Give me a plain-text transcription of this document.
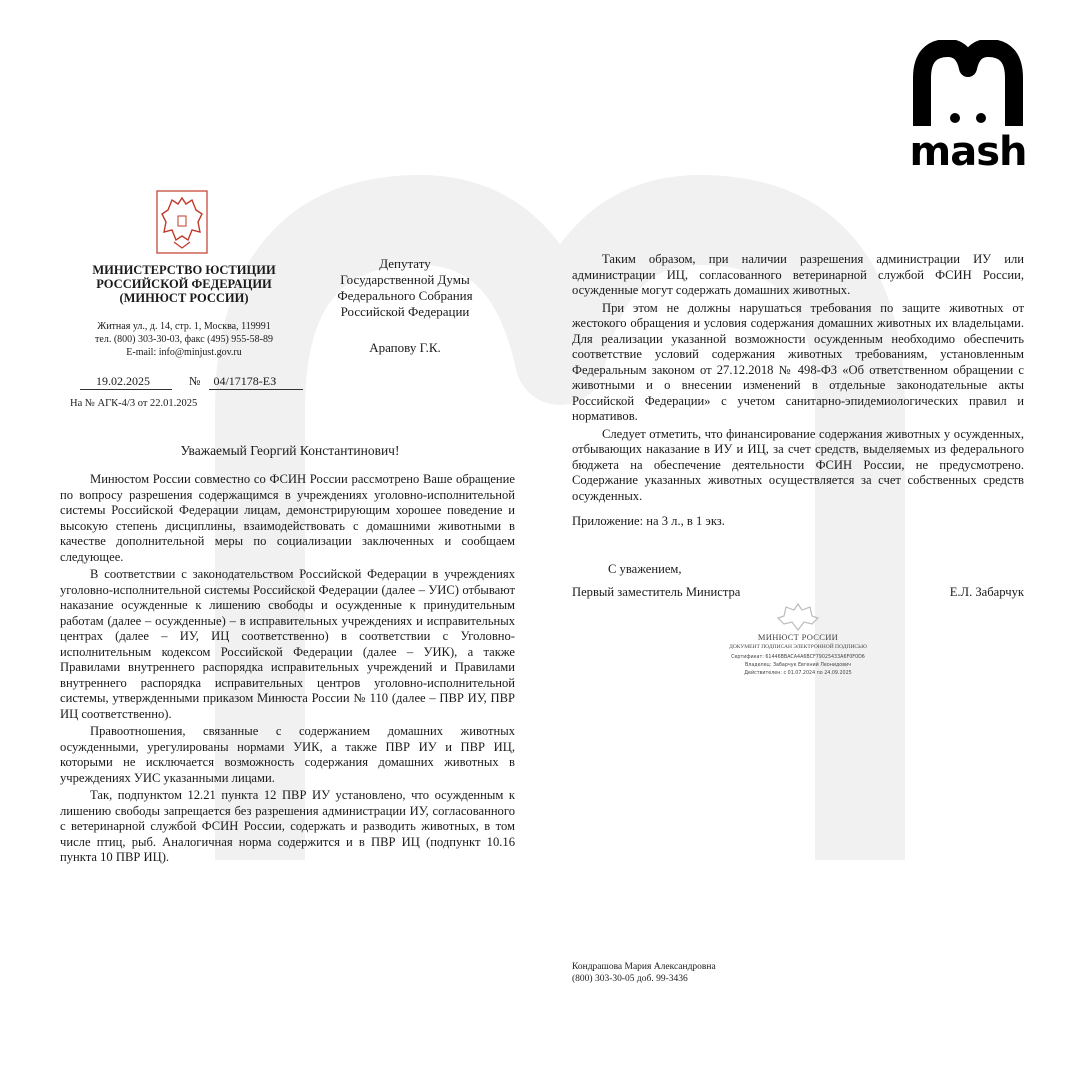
mash
МИНИСТЕРСТВО ЮСТИЦИИ
РОССИЙСКОЙ ФЕДЕРАЦИИ
(МИНЮСТ РОССИИ)
Житная ул., д. 14, стр. 1, Москва, 119991
тел. (800) 303-30-03, факс (495) 955-58-89
E-mail: info@minjust.gov.ru
19.02.2025	№ 04/17178-ЕЗ
На № АГК-4/3 от 22.01.2025
Депутату
Государственной Думы
Федерального Собрания
Российской Федерации
Арапову Г.К.
Уважаемый Георгий Константинович!

Минюстом России совместно со ФСИН России рассмотрено Ваше обращение по вопросу разрешения содержащимся в учреждениях уголовно-исполнительной системы Российской Федерации лицам, демонстрирующим хорошее поведение и высокую степень дисциплины, взаимодействовать с домашними животными в качестве дополнительной меры по социализации заключенных и сообщаем следующее.

В соответствии с законодательством Российской Федерации в учреждениях уголовно-исполнительной системы Российской Федерации (далее – УИС) отбывают наказание осужденные к лишению свободы и осужденные к принудительным работам (далее – осужденные) – в исправительных учреждениях и исправительных центрах (далее – ИУ, ИЦ соответственно) в соответствии с Уголовно-исполнительным кодексом Российской Федерации (далее – УИК), а также Правилами внутреннего распорядка исправительных учреждений и Правилами внутреннего распорядка исправительных центров уголовно-исполнительной системы, утвержденными приказом Минюста России № 110 (далее – ПВР ИУ, ПВР ИЦ соответственно).

Правоотношения, связанные с содержанием домашних животных осужденными, урегулированы нормами УИК, а также ПВР ИУ и ПВР ИЦ, которыми не исключается возможность содержания домашних животных в учреждениях УИС указанными лицами.

Так, подпунктом 12.21 пункта 12 ПВР ИУ установлено, что осужденным к лишению свободы запрещается без разрешения администрации ИУ, согласованного с ветеринарной службой ФСИН России, содержать и разводить животных, в том числе птиц, рыб. Аналогичная норма содержится и в ПВР ИЦ (подпункт 10.16 пункта 10 ПВР ИЦ).

Таким образом, при наличии разрешения администрации ИУ или администрации ИЦ, согласованного ветеринарной службой ФСИН России, осужденные могут содержать домашних животных.

При этом не должны нарушаться требования по защите животных от жестокого обращения и условия содержания домашних животных их владельцами. Для реализации указанной возможности осужденным необходимо обеспечить соответствие условий содержания животных требованиям, установленным Федеральным законом от 27.12.2018 № 498-ФЗ «Об ответственном обращении с животными и о внесении изменений в отдельные законодательные акты Российской Федерации» с учетом санитарно-эпидемиологических правил и нормативов.

Следует отметить, что финансирование содержания животных у осужденных, отбывающих наказание в ИУ и ИЦ, за счет средств, выделяемых из федерального бюджета на обеспечение деятельности ФСИН России, не предусмотрено. Содержание указанных животных осуществляется за счет собственных средств осужденных.

Приложение: на 3 л., в 1 экз.
С уважением,
Первый заместитель Министра	Е.Л. Забарчук
МИНЮСТ РОССИИ
ДОКУМЕНТ ПОДПИСАН ЭЛЕКТРОННОЙ ПОДПИСЬЮ
Сертификат: 61446BBACA4A6BCF79025433A6F0F0D6
Владелец: Забарчук Евгений Леонидович
Действителен: с 01.07.2024 по 24.09.2025
Кондрашова Мария Александровна
(800) 303-30-05 доб. 99-3436
